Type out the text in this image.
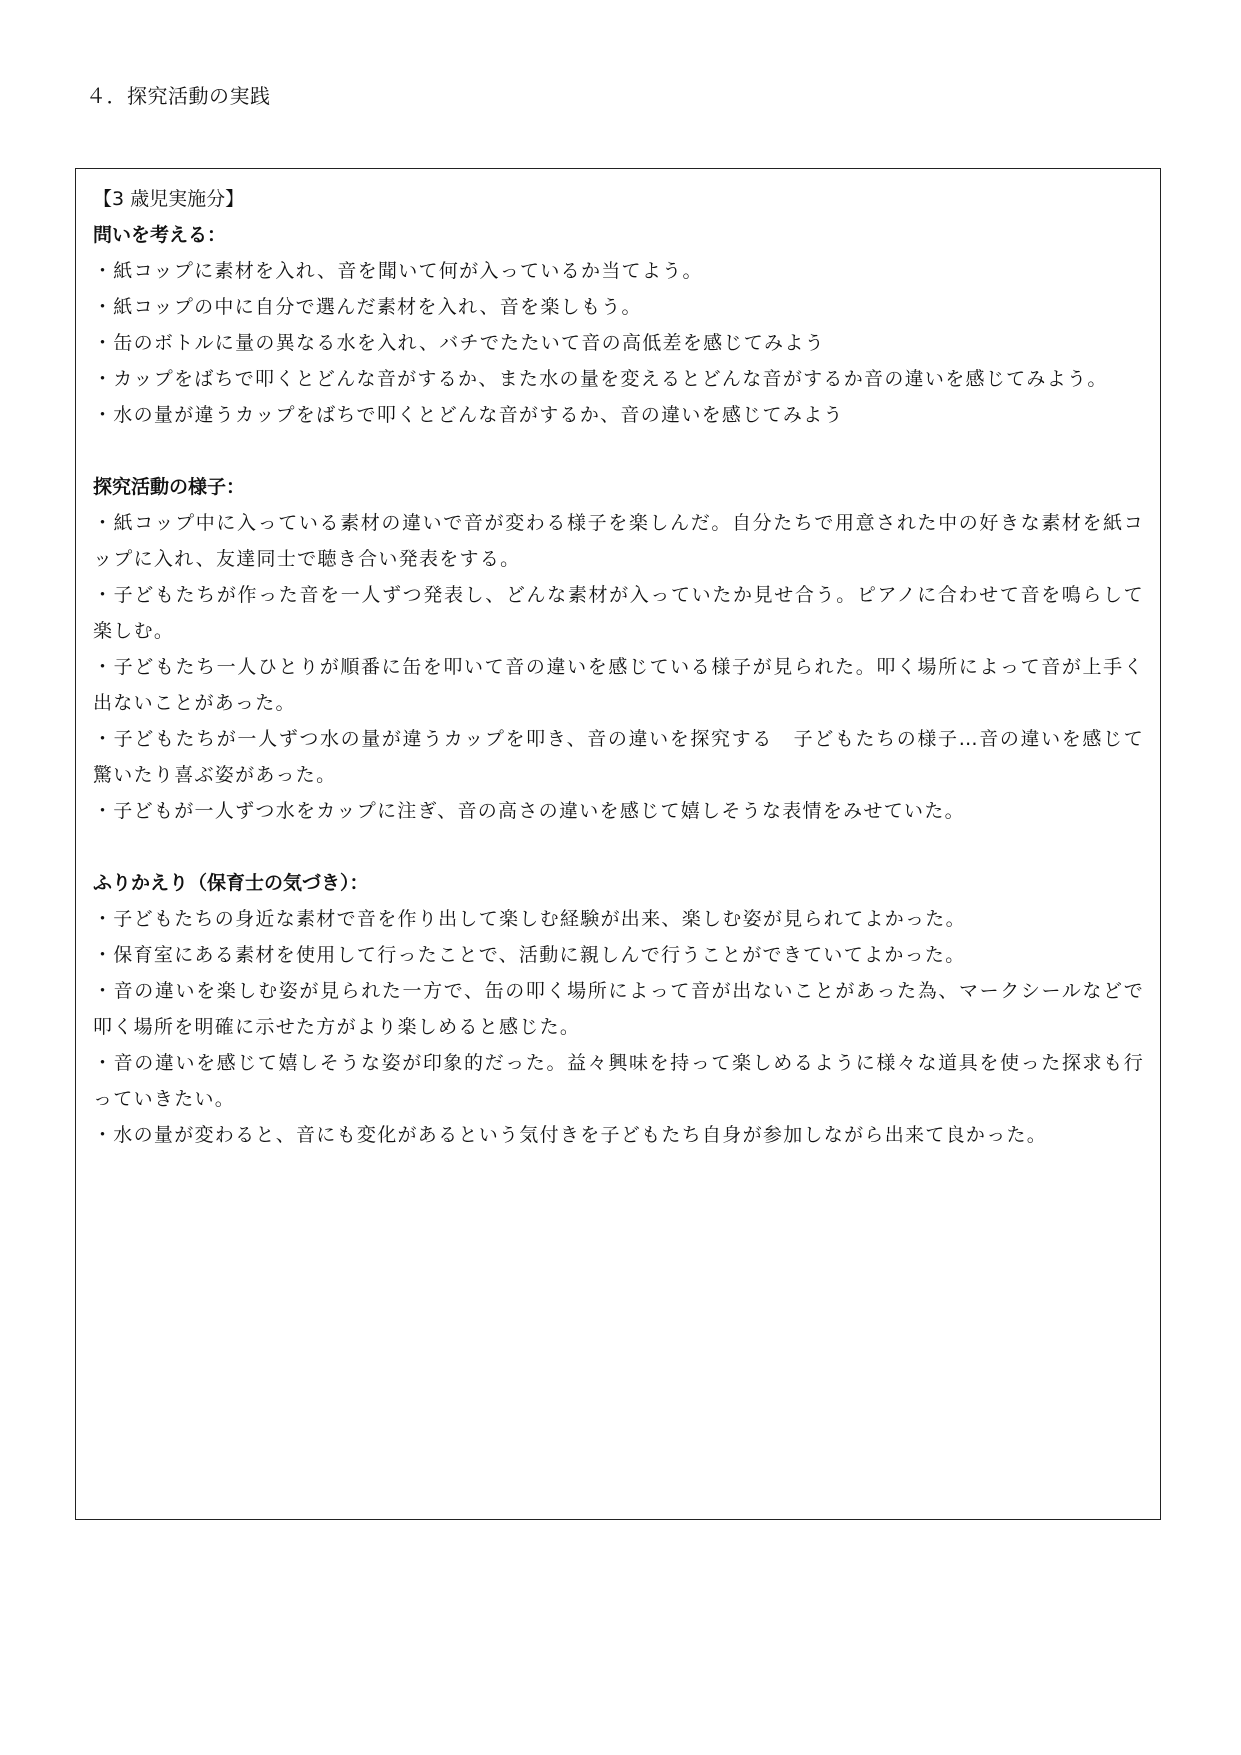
４．探究活動の実践

【3 歳児実施分】

問いを考える：

・紙コップに素材を入れ、音を聞いて何が入っているか当てよう。
・紙コップの中に自分で選んだ素材を入れ、音を楽しもう。
・缶のボトルに量の異なる水を入れ、バチでたたいて音の高低差を感じてみよう
・カップをばちで叩くとどんな音がするか、また水の量を変えるとどんな音がするか音の違いを感じてみよう。
・水の量が違うカップをばちで叩くとどんな音がするか、音の違いを感じてみよう

探究活動の様子：

・紙コップ中に入っている素材の違いで音が変わる様子を楽しんだ。自分たちで用意された中の好きな素材を紙コップに入れ、友達同士で聴き合い発表をする。
・子どもたちが作った音を一人ずつ発表し、どんな素材が入っていたか見せ合う。ピアノに合わせて音を鳴らして楽しむ。
・子どもたち一人ひとりが順番に缶を叩いて音の違いを感じている様子が見られた。叩く場所によって音が上手く出ないことがあった。
・子どもたちが一人ずつ水の量が違うカップを叩き、音の違いを探究する　子どもたちの様子…音の違いを感じて驚いたり喜ぶ姿があった。
・子どもが一人ずつ水をカップに注ぎ、音の高さの違いを感じて嬉しそうな表情をみせていた。

ふりかえり（保育士の気づき）：

・子どもたちの身近な素材で音を作り出して楽しむ経験が出来、楽しむ姿が見られてよかった。
・保育室にある素材を使用して行ったことで、活動に親しんで行うことができていてよかった。
・音の違いを楽しむ姿が見られた一方で、缶の叩く場所によって音が出ないことがあった為、マークシールなどで叩く場所を明確に示せた方がより楽しめると感じた。
・音の違いを感じて嬉しそうな姿が印象的だった。益々興味を持って楽しめるように様々な道具を使った探求も行っていきたい。
・水の量が変わると、音にも変化があるという気付きを子どもたち自身が参加しながら出来て良かった。
